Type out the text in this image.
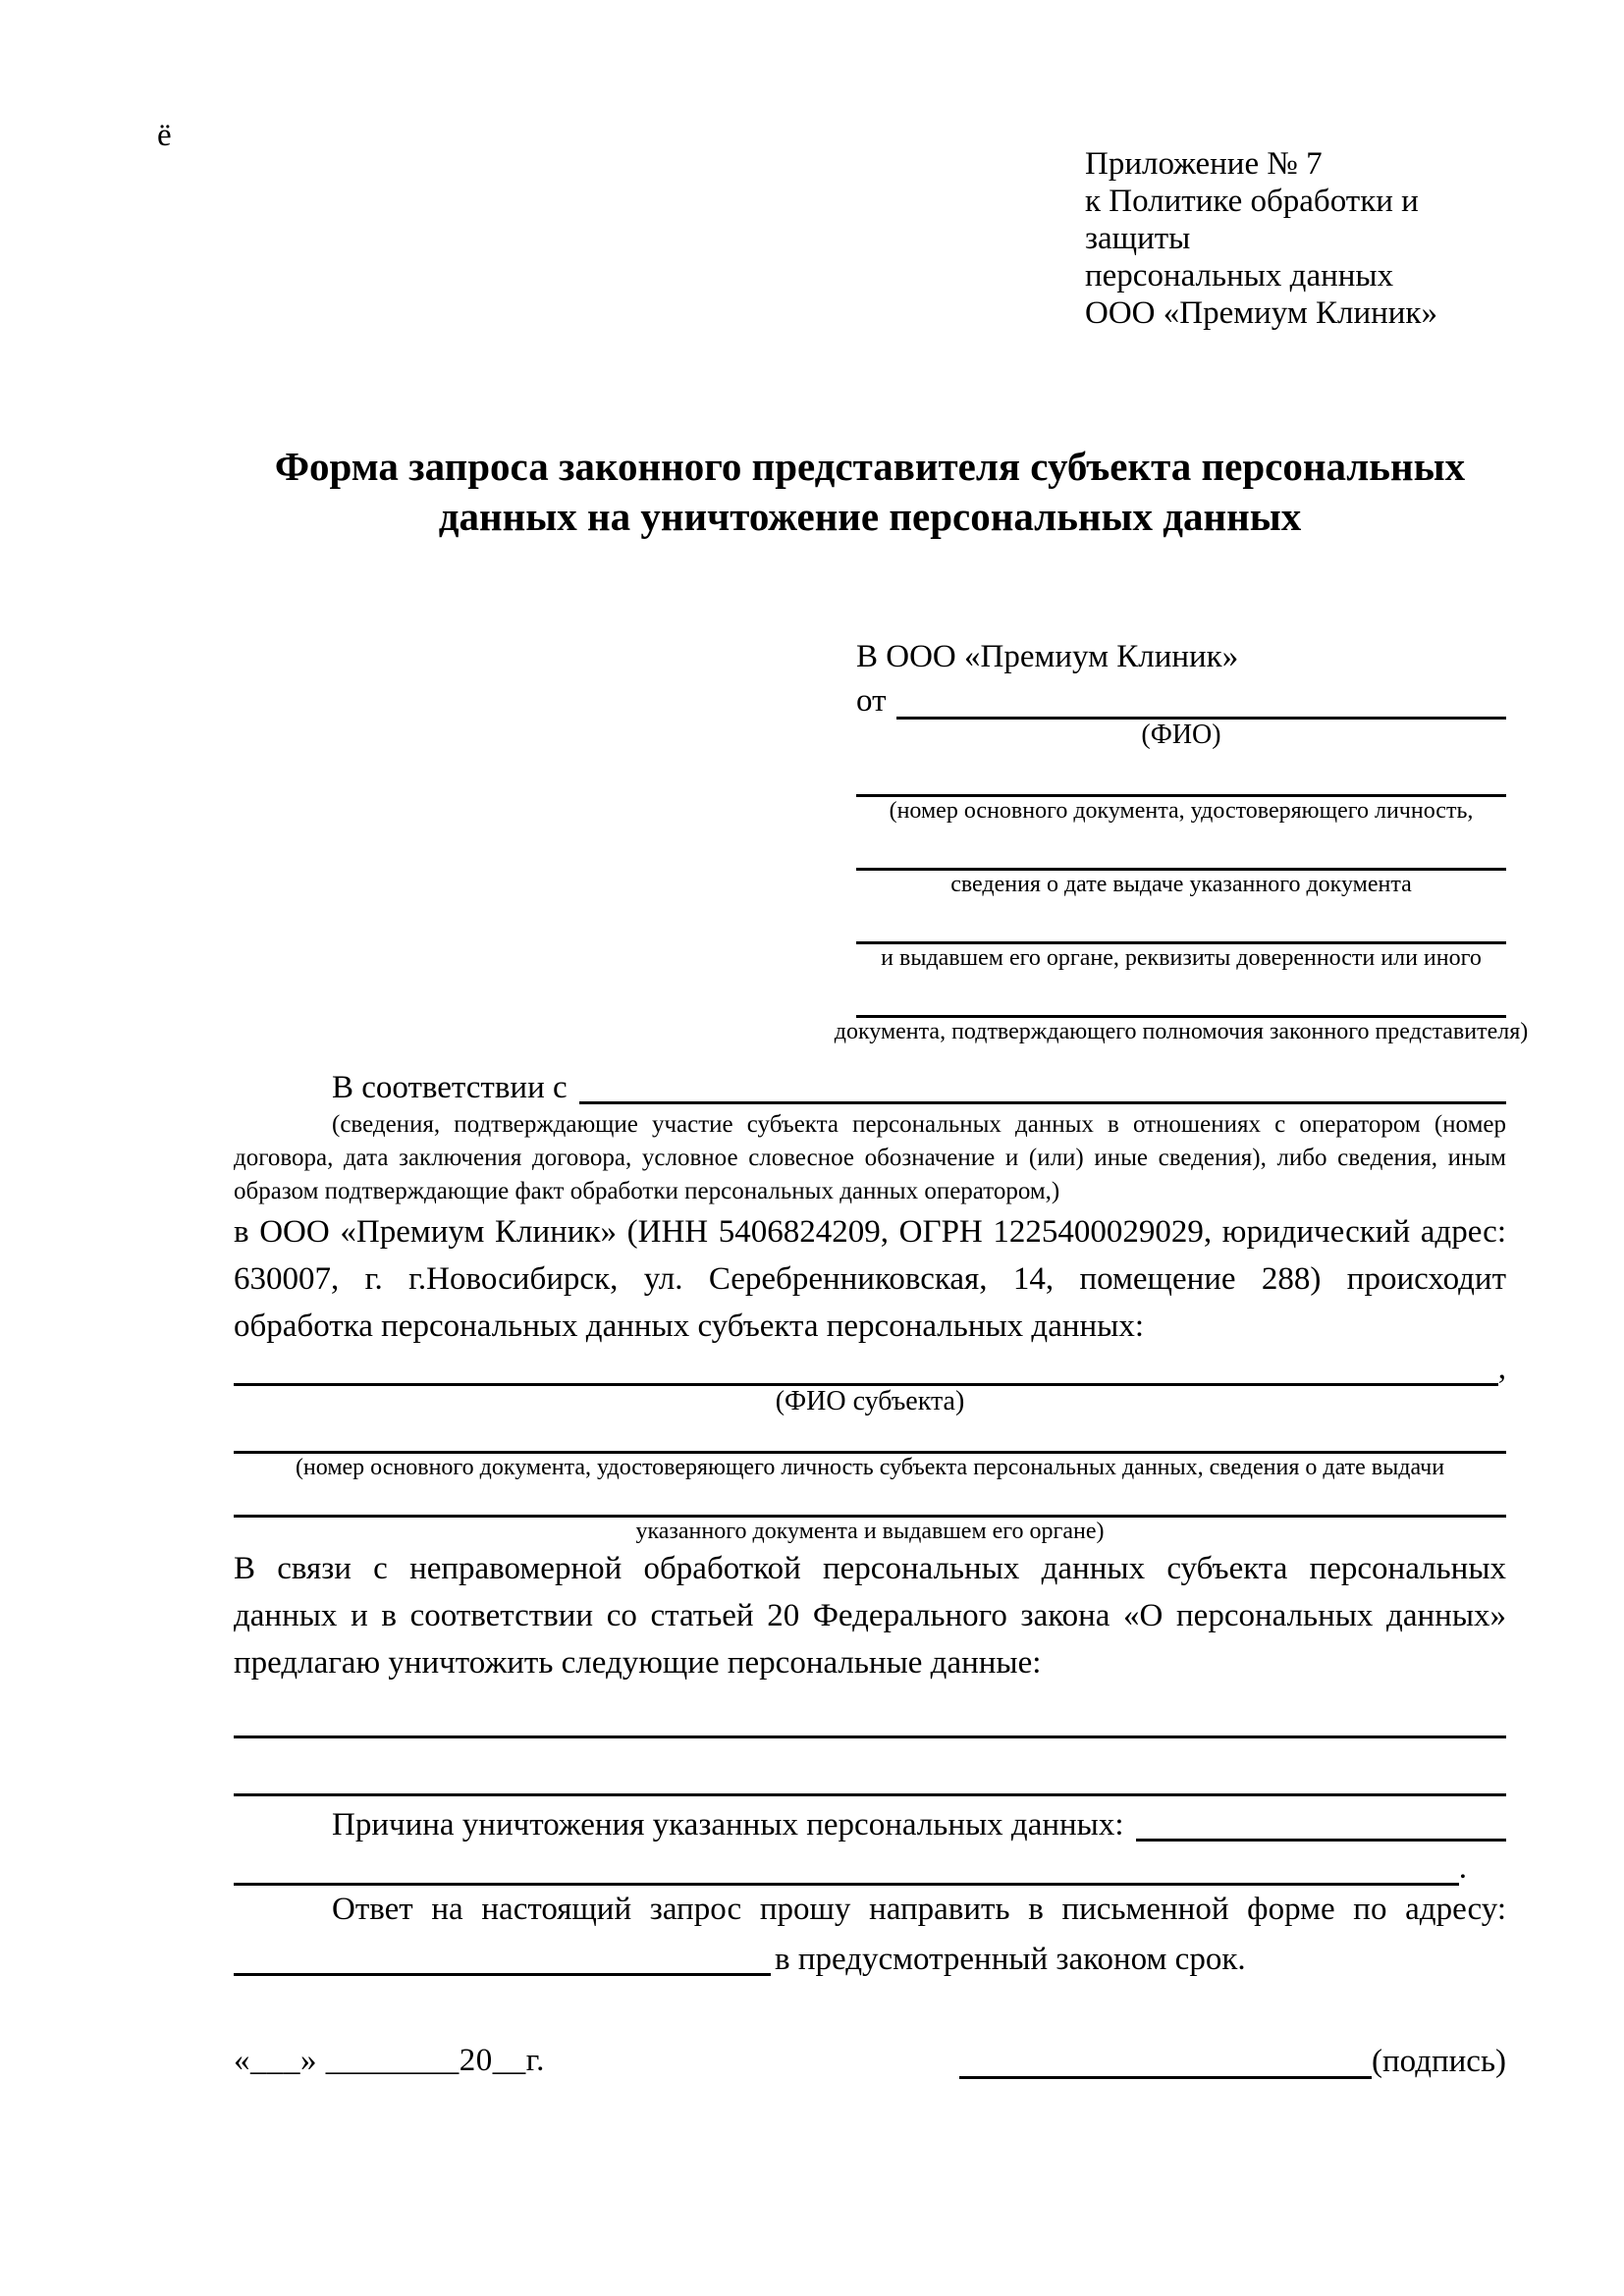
ё
Приложение № 7
к Политике обработки и защиты
персональных данных
ООО «Премиум Клиник»
Форма запроса законного представителя субъекта персональных данных на уничтожение персональных данных
В ООО «Премиум Клиник»
от
(ФИО)
(номер основного документа, удостоверяющего личность,
сведения о дате выдаче указанного документа
и выдавшем его органе, реквизиты доверенности или иного
документа, подтверждающего полномочия законного представителя)
В соответствии с
(сведения, подтверждающие участие субъекта персональных данных в отношениях с оператором (номер договора, дата заключения договора, условное словесное обозначение и (или) иные сведения), либо сведения, иным образом подтверждающие факт обработки персональных данных оператором,)
в ООО «Премиум Клиник» (ИНН 5406824209, ОГРН 1225400029029, юридический адрес: 630007, г. г.Новосибирск, ул. Серебренниковская, 14, помещение 288) происходит обработка персональных данных субъекта персональных данных:
,
(ФИО субъекта)
(номер основного документа, удостоверяющего личность субъекта персональных данных, сведения о дате выдачи
указанного документа и выдавшем его органе)
В связи с неправомерной обработкой персональных данных субъекта персональных данных и в соответствии со статьей 20 Федерального закона «О персональных данных» предлагаю уничтожить следующие персональные данные:
Причина уничтожения указанных персональных данных:
.
Ответ на настоящий запрос прошу направить в письменной форме по адресу:
в предусмотренный законом срок.
«___» ________20__г.	(подпись)
